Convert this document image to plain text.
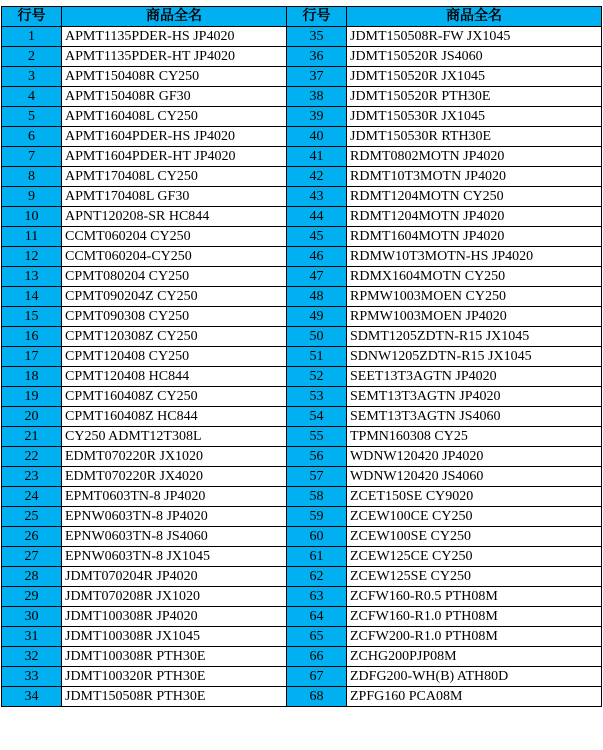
行号	商品全名	行号	商品全名
1	APMT1135PDER-HS JP4020	35	JDMT150508R-FW JX1045
2	APMT1135PDER-HT JP4020	36	JDMT150520R JS4060
3	APMT150408R CY250	37	JDMT150520R JX1045
4	APMT150408R GF30	38	JDMT150520R PTH30E
5	APMT160408L CY250	39	JDMT150530R JX1045
6	APMT1604PDER-HS JP4020	40	JDMT150530R RTH30E
7	APMT1604PDER-HT JP4020	41	RDMT0802MOTN JP4020
8	APMT170408L CY250	42	RDMT10T3MOTN JP4020
9	APMT170408L GF30	43	RDMT1204MOTN CY250
10	APNT120208-SR HC844	44	RDMT1204MOTN JP4020
11	CCMT060204 CY250	45	RDMT1604MOTN JP4020
12	CCMT060204-CY250	46	RDMW10T3MOTN-HS JP4020
13	CPMT080204 CY250	47	RDMX1604MOTN CY250
14	CPMT090204Z CY250	48	RPMW1003MOEN CY250
15	CPMT090308 CY250	49	RPMW1003MOEN JP4020
16	CPMT120308Z CY250	50	SDMT1205ZDTN-R15 JX1045
17	CPMT120408 CY250	51	SDNW1205ZDTN-R15 JX1045
18	CPMT120408 HC844	52	SEET13T3AGTN JP4020
19	CPMT160408Z CY250	53	SEMT13T3AGTN JP4020
20	CPMT160408Z HC844	54	SEMT13T3AGTN JS4060
21	CY250 ADMT12T308L	55	TPMN160308 CY25
22	EDMT070220R JX1020	56	WDNW120420 JP4020
23	EDMT070220R JX4020	57	WDNW120420 JS4060
24	EPMT0603TN-8 JP4020	58	ZCET150SE CY9020
25	EPNW0603TN-8 JP4020	59	ZCEW100CE CY250
26	EPNW0603TN-8 JS4060	60	ZCEW100SE CY250
27	EPNW0603TN-8 JX1045	61	ZCEW125CE CY250
28	JDMT070204R JP4020	62	ZCEW125SE CY250
29	JDMT070208R JX1020	63	ZCFW160-R0.5 PTH08M
30	JDMT100308R JP4020	64	ZCFW160-R1.0 PTH08M
31	JDMT100308R JX1045	65	ZCFW200-R1.0 PTH08M
32	JDMT100308R PTH30E	66	ZCHG200PJP08M
33	JDMT100320R PTH30E	67	ZDFG200-WH(B) ATH80D
34	JDMT150508R PTH30E	68	ZPFG160 PCA08M
